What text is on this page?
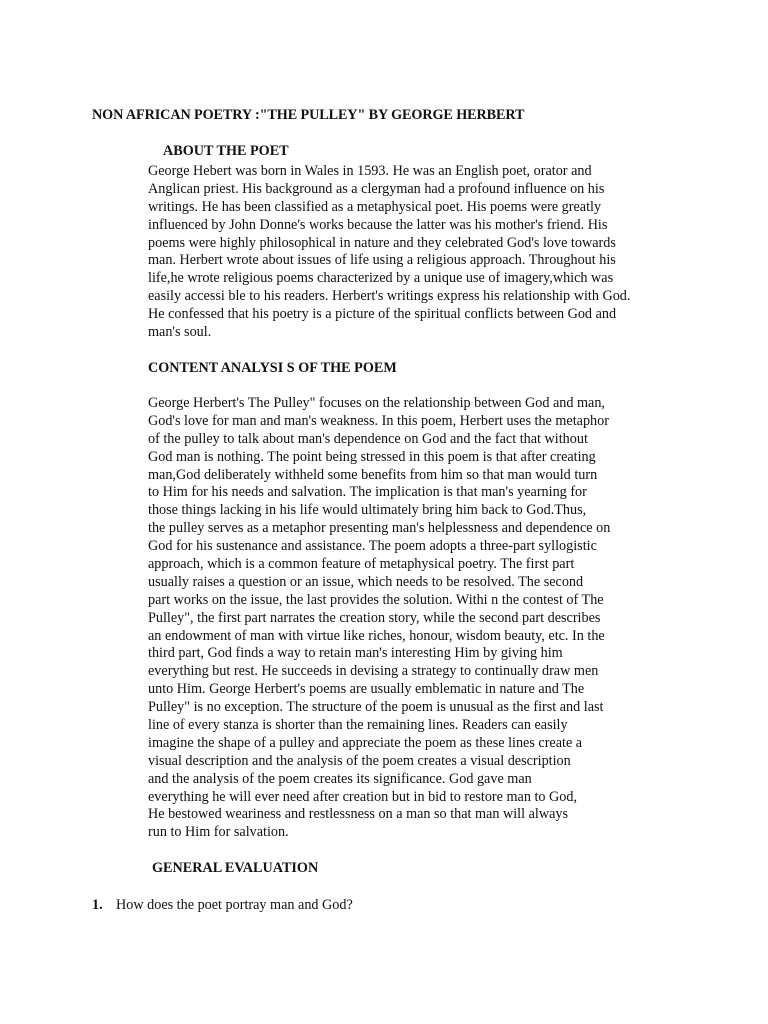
NON AFRICAN POETRY :"THE PULLEY" BY GEORGE HERBERT
ABOUT THE POET
George Hebert was born in Wales in 1593. He was an English poet, orator and
Anglican priest. His background as a clergyman had a profound influence on his
writings. He has been classified as a metaphysical poet. His poems were greatly
influenced by John Donne's works because the latter was his mother's friend. His
poems were highly philosophical in nature and they celebrated God's love towards
man. Herbert wrote about issues of life using a religious approach. Throughout his
life,he wrote religious poems characterized by a unique use of imagery,which was
easily accessi ble to his readers. Herbert's writings express his relationship with God.
He confessed that his poetry is a picture of the spiritual conflicts between God and
man's soul.
CONTENT ANALYSI S OF THE POEM
George Herbert's The Pulley" focuses on the relationship between God and man,
God's love for man and man's weakness. In this poem, Herbert uses the metaphor
of the pulley to talk about man's dependence on God and the fact that without
God man is nothing. The point being stressed in this poem is that after creating
man,God deliberately withheld some benefits from him so that man would turn
to Him for his needs and salvation. The implication is that man's yearning for
those things lacking in his life would ultimately bring him back to God.Thus,
the pulley serves as a metaphor presenting man's helplessness and dependence on
God for his sustenance and assistance. The poem adopts a three-part syllogistic
approach, which is a common feature of metaphysical poetry. The first part
usually raises a question or an issue, which needs to be resolved. The second
part works on the issue, the last provides the solution. Withi n the contest of The
Pulley", the first part narrates the creation story, while the second part describes
an endowment of man with virtue like riches, honour, wisdom beauty, etc. In the
third part, God finds a way to retain man's interesting Him by giving him
everything but rest. He succeeds in devising a strategy to continually draw men
unto Him. George Herbert's poems are usually emblematic in nature and The
Pulley" is no exception. The structure of the poem is unusual as the first and last
line of every stanza is shorter than the remaining lines. Readers can easily
imagine the shape of a pulley and appreciate the poem as these lines create a
visual description and the analysis of the poem creates a visual description
and the analysis of the poem creates its significance. God gave man
everything he will ever need after creation but in bid to restore man to God,
He bestowed weariness and restlessness on a man so that man will always
run to Him for salvation.
GENERAL EVALUATION
1. How does the poet portray man and God?
